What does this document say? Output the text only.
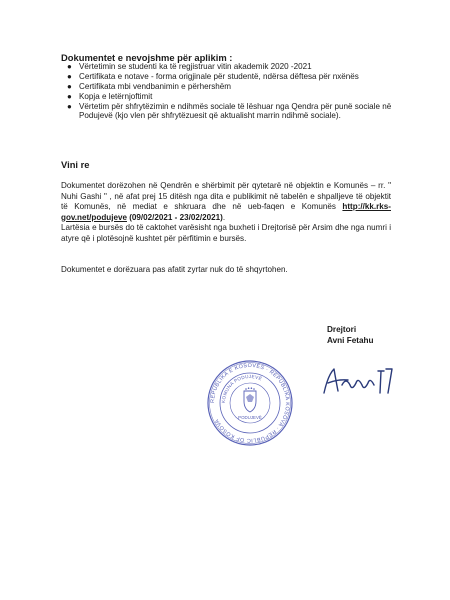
Dokumentet e nevojshme për aplikim :
● Vërtetimin se studenti ka të regjistruar vitin akademik 2020 -2021
● Certifikata e notave - forma origjinale për studentë, ndërsa dëftesa për nxënës
● Certifikata mbi vendbanimin e përhershëm
● Kopja e letërnjoftimit
● Vërtetim për shfrytëzimin e ndihmës sociale të lëshuar nga Qendra për punë sociale në Podujevë (kjo vlen për shfrytëzuesit që aktualisht marrin ndihmë sociale).
Vini re

Dokumentet dorëzohen në Qendrën e shërbimit për qytetarë në objektin e Komunës – rr. " Nuhi Gashi " , në afat prej 15 ditësh nga dita e publikimit në tabelën e shpalljeve të objektit të Komunës, në mediat e shkruara dhe në ueb-faqen e Komunës http://kk.rks-gov.net/podujeve (09/02/2021 - 23/02/2021).

Lartësia e bursës do të caktohet varësisht nga buxheti i Drejtorisë për Arsim dhe nga numri i atyre që i plotësojnë kushtet për përfitimin e bursës.

Dokumentet e dorëzuara pas afatit zyrtar nuk do të shqyrtohen.

Drejtori
Avni Fetahu
REPUBLIKA E KOSOVËS · REPUBLIKA KOSOVA · REPUBLIC OF KOSOVA
KOMUNA PODUJEVË
PODUJEVË
